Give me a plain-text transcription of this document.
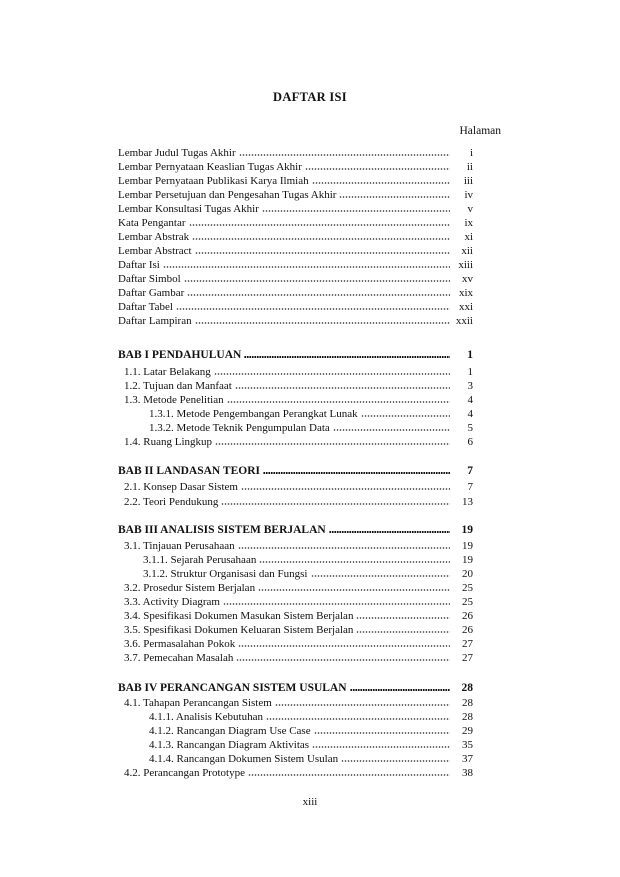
DAFTAR ISI
Halaman
Lembar Judul Tugas Akhir	i
Lembar Pernyataan Keaslian Tugas Akhir	ii
Lembar Pernyataan Publikasi Karya Ilmiah	iii
Lembar Persetujuan dan Pengesahan Tugas Akhir	iv
Lembar Konsultasi Tugas Akhir	v
Kata Pengantar	ix
Lembar Abstrak	xi
Lembar Abstract	xii
Daftar Isi	xiii
Daftar Simbol	xv
Daftar Gambar	xix
Daftar Tabel	xxi
Daftar Lampiran	xxii
BAB I PENDAHULUAN	1
1.1. Latar Belakang	1
1.2. Tujuan dan Manfaat	3
1.3. Metode Penelitian	4
1.3.1. Metode Pengembangan Perangkat Lunak	4
1.3.2. Metode Teknik Pengumpulan Data	5
1.4. Ruang Lingkup	6
BAB II LANDASAN TEORI	7
2.1. Konsep Dasar Sistem	7
2.2. Teori Pendukung	13
BAB III ANALISIS SISTEM BERJALAN	19
3.1. Tinjauan Perusahaan	19
3.1.1. Sejarah Perusahaan	19
3.1.2. Struktur Organisasi dan Fungsi	20
3.2. Prosedur Sistem Berjalan	25
3.3. Activity Diagram	25
3.4. Spesifikasi Dokumen Masukan Sistem Berjalan	26
3.5. Spesifikasi Dokumen Keluaran Sistem Berjalan	26
3.6. Permasalahan Pokok	27
3.7. Pemecahan Masalah	27
BAB IV PERANCANGAN SISTEM USULAN	28
4.1. Tahapan Perancangan Sistem	28
4.1.1. Analisis Kebutuhan	28
4.1.2. Rancangan Diagram Use Case	29
4.1.3. Rancangan Diagram Aktivitas	35
4.1.4. Rancangan Dokumen Sistem Usulan	37
4.2. Perancangan Prototype	38
xiii
